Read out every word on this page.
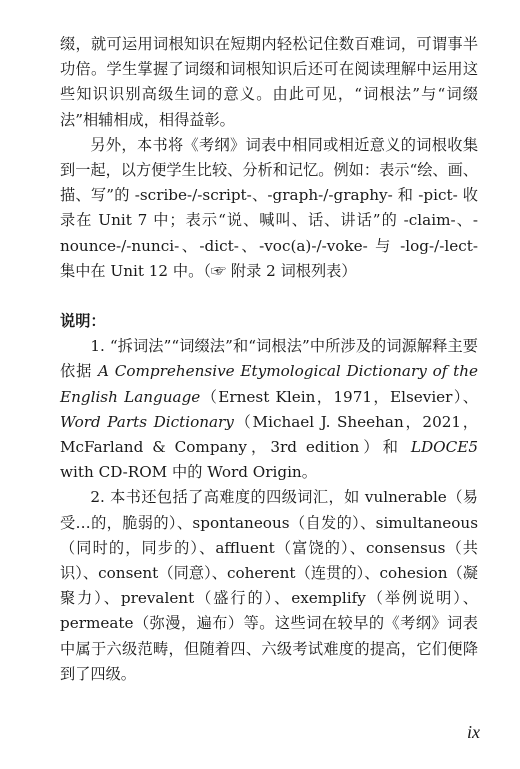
缀，就可运用词根知识在短期内轻松记住数百难词，可谓事半功倍。学生掌握了词缀和词根知识后还可在阅读理解中运用这些知识识别高级生词的意义。由此可见，“词根法”与“词缀法”相辅相成，相得益彰。

另外，本书将《考纲》词表中相同或相近意义的词根收集到一起，以方便学生比较、分析和记忆。例如：表示“绘、画、描、写”的 -scribe-/-script-、-graph-/-graphy- 和 -pict- 收录在 Unit 7 中；表示“说、喊叫、话、讲话”的 -claim-、-nounce-/-nunci-、-dict-、-voc(a)-/-voke- 与 -log-/-lect- 集中在 Unit 12 中。（☞ 附录 2 词根列表）

说明：

1. “拆词法”“词缀法”和“词根法”中所涉及的词源解释主要依据 A Comprehensive Etymological Dictionary of the English Language（Ernest Klein，1971，Elsevier）、Word Parts Dictionary（Michael J. Sheehan，2021，McFarland & Company，3rd edition）和 LDOCE5 with CD-ROM 中的 Word Origin。

2. 本书还包括了高难度的四级词汇，如 vulnerable（易受…的，脆弱的）、spontaneous（自发的）、simultaneous（同时的，同步的）、affluent（富饶的）、consensus（共识）、consent（同意）、coherent（连贯的）、cohesion（凝聚力）、prevalent（盛行的）、exemplify（举例说明）、permeate（弥漫，遍布）等。这些词在较早的《考纲》词表中属于六级范畴，但随着四、六级考试难度的提高，它们便降到了四级。

ix
